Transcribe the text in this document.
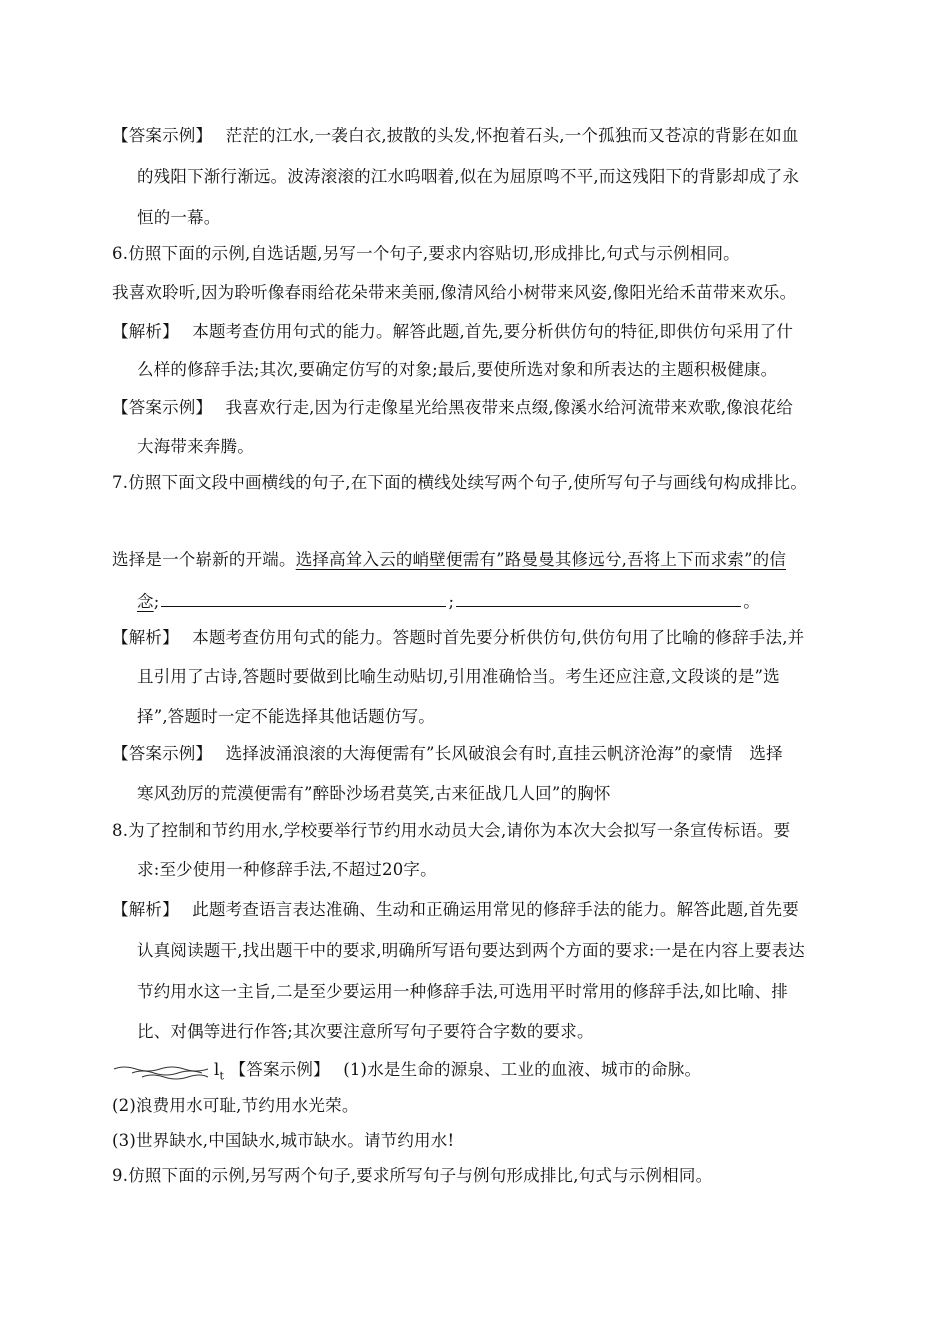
【答案示例】 茫茫的江水,一袭白衣,披散的头发,怀抱着石头,一个孤独而又苍凉的背影在如血
的残阳下渐行渐远。波涛滚滚的江水呜咽着,似在为屈原鸣不平,而这残阳下的背影却成了永
恒的一幕。
6.仿照下面的示例,自选话题,另写一个句子,要求内容贴切,形成排比,句式与示例相同。
我喜欢聆听,因为聆听像春雨给花朵带来美丽,像清风给小树带来风姿,像阳光给禾苗带来欢乐。
【解析】 本题考查仿用句式的能力。解答此题,首先,要分析供仿句的特征,即供仿句采用了什
么样的修辞手法;其次,要确定仿写的对象;最后,要使所选对象和所表达的主题积极健康。
【答案示例】 我喜欢行走,因为行走像星光给黑夜带来点缀,像溪水给河流带来欢歌,像浪花给
大海带来奔腾。
7.仿照下面文段中画横线的句子,在下面的横线处续写两个句子,使所写句子与画线句构成排比。
选择是一个崭新的开端。选择高耸入云的峭壁便需有”路曼曼其修远兮,吾将上下而求索”的信
念;	;	。
【解析】 本题考查仿用句式的能力。答题时首先要分析供仿句,供仿句用了比喻的修辞手法,并
且引用了古诗,答题时要做到比喻生动贴切,引用准确恰当。考生还应注意,文段谈的是”选
择”,答题时一定不能选择其他话题仿写。
【答案示例】 选择波涌浪滚的大海便需有”长风破浪会有时,直挂云帆济沧海”的豪情　选择
寒风劲厉的荒漠便需有”醉卧沙场君莫笑,古来征战几人回”的胸怀
8.为了控制和节约用水,学校要举行节约用水动员大会,请你为本次大会拟写一条宣传标语。要
求:至少使用一种修辞手法,不超过20字。
【解析】 此题考查语言表达准确、生动和正确运用常见的修辞手法的能力。解答此题,首先要
认真阅读题干,找出题干中的要求,明确所写语句要达到两个方面的要求:一是在内容上要表达
节约用水这一主旨,二是至少要运用一种修辞手法,可选用平时常用的修辞手法,如比喻、排
比、对偶等进行作答;其次要注意所写句子要符合字数的要求。
$l_t$ 【答案示例】 (1)水是生命的源泉、工业的血液、城市的命脉。
(2)浪费用水可耻,节约用水光荣。
(3)世界缺水,中国缺水,城市缺水。请节约用水!
9.仿照下面的示例,另写两个句子,要求所写句子与例句形成排比,句式与示例相同。
